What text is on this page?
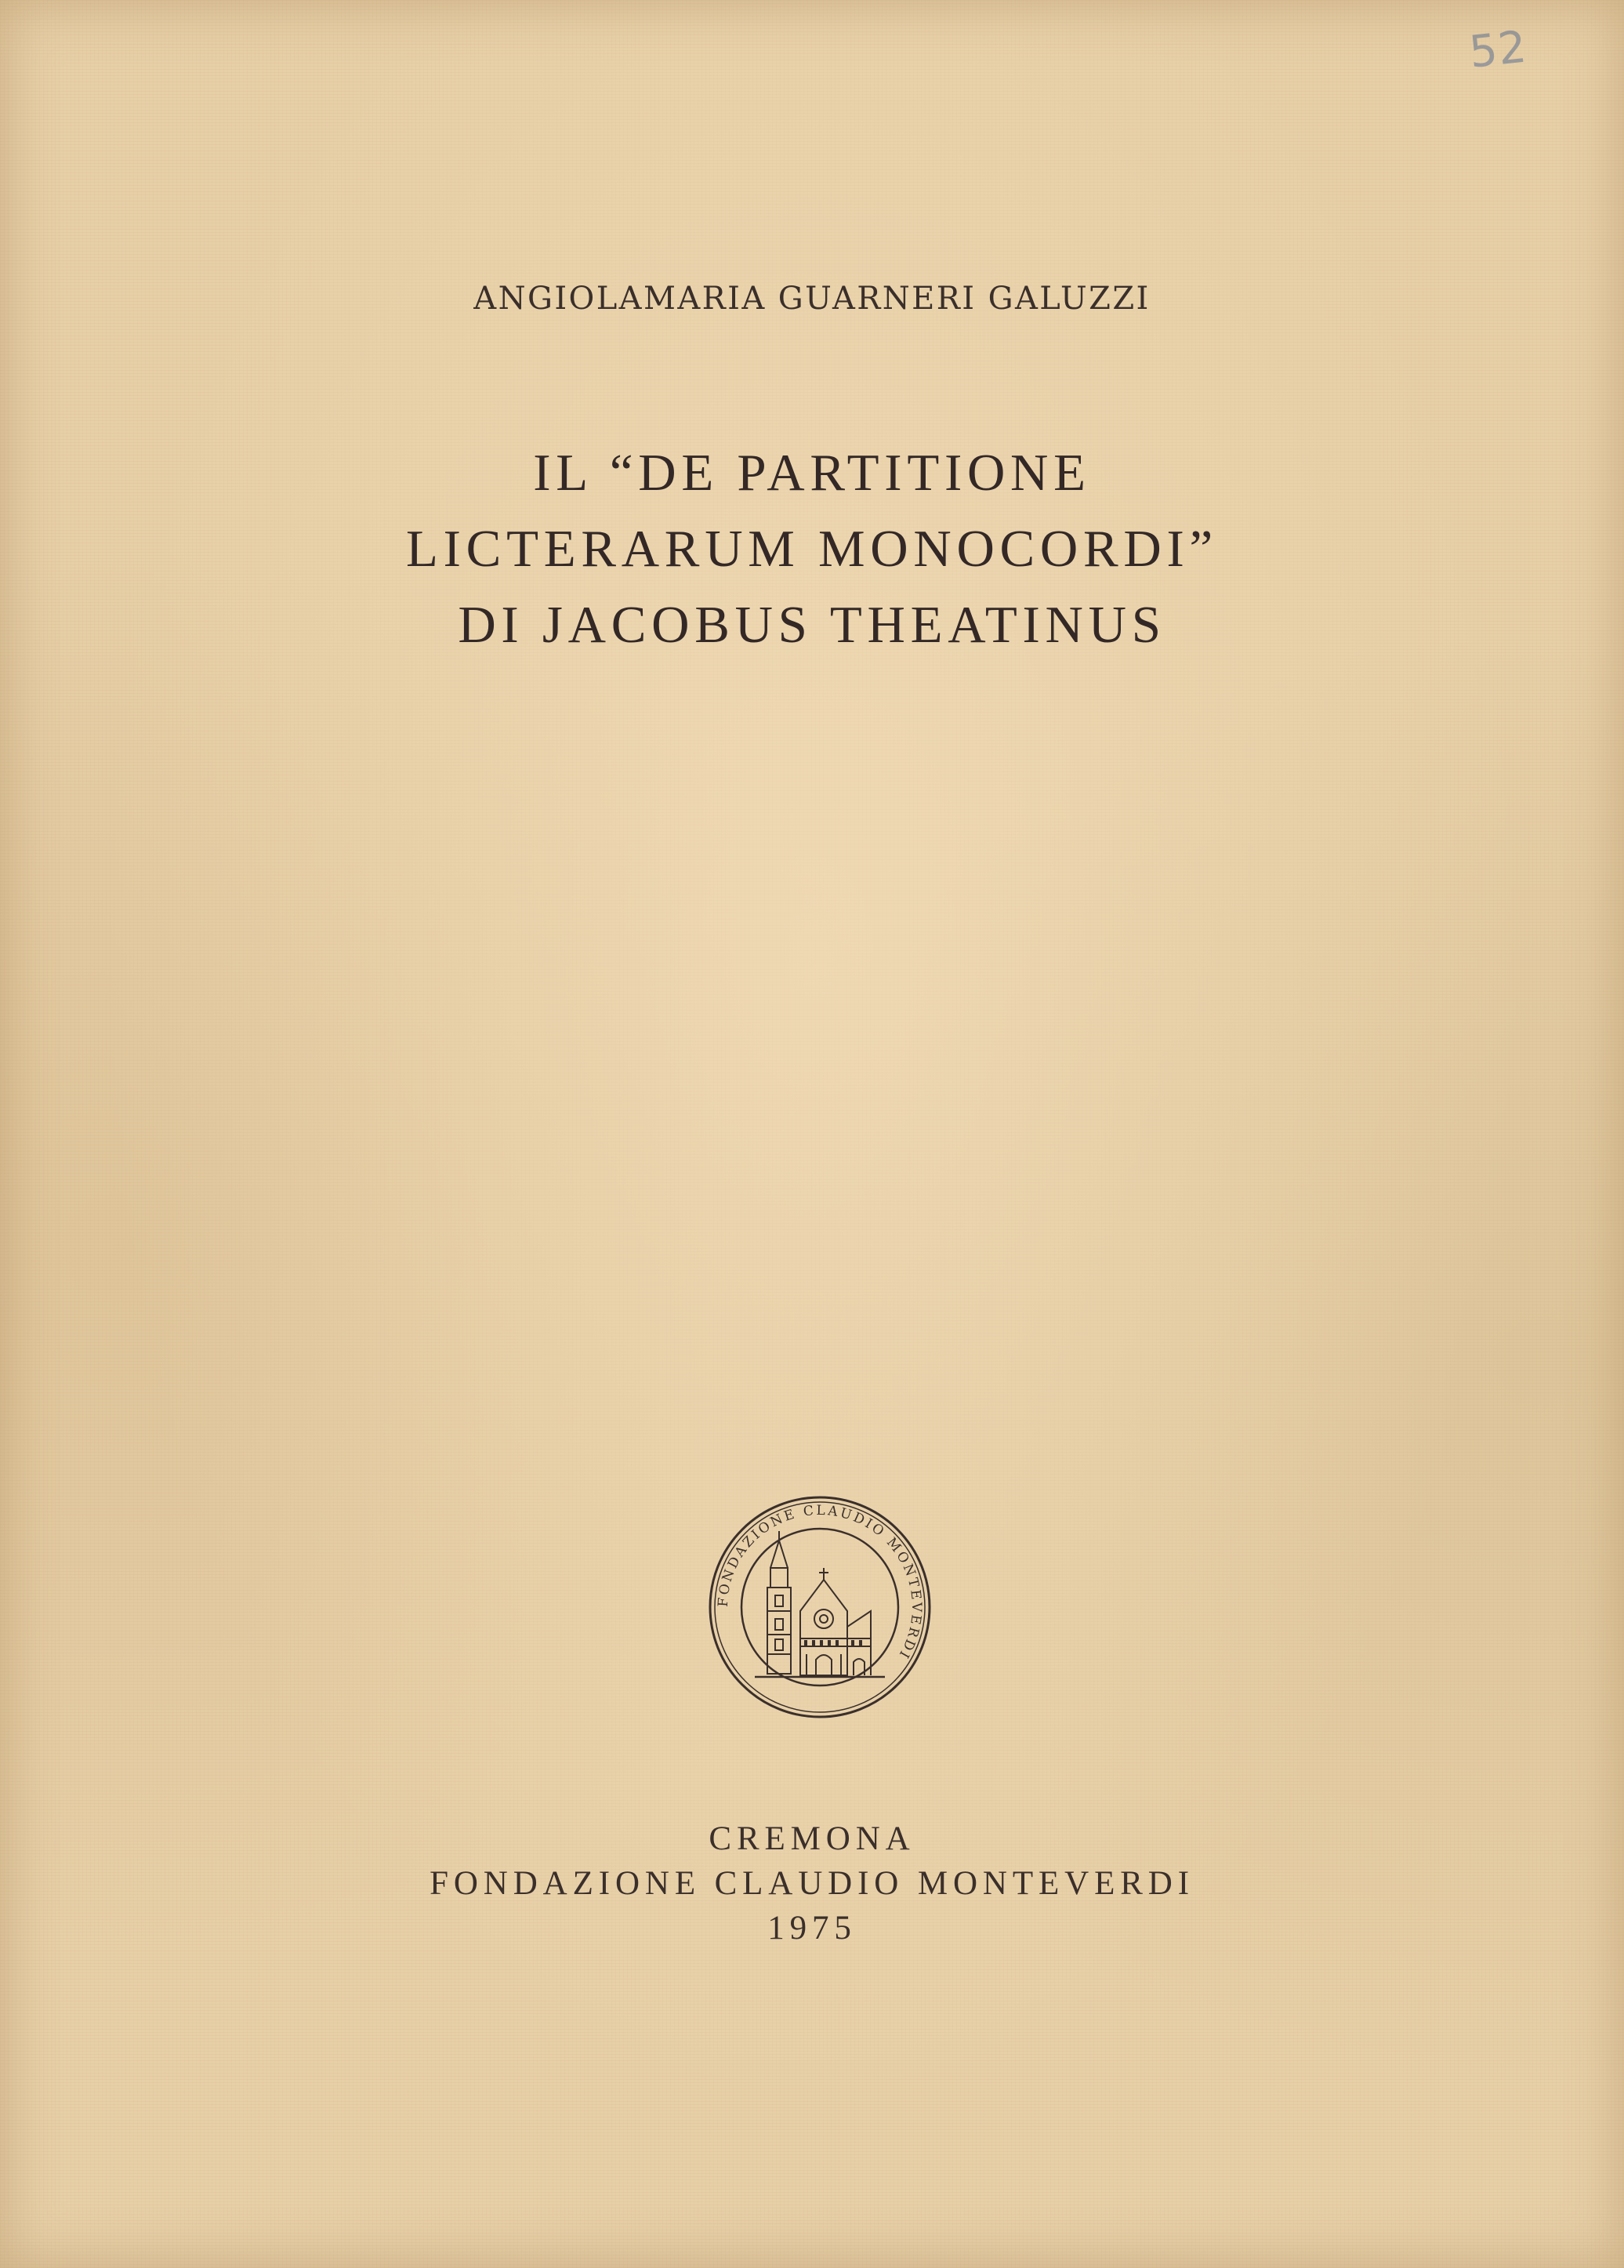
52
ANGIOLAMARIA GUARNERI GALUZZI
IL “DE PARTITIONE
LICTERARUM MONOCORDI”
DI JACOBUS THEATINUS
FONDAZIONE CLAUDIO MONTEVERDI
CREMONA
FONDAZIONE CLAUDIO MONTEVERDI
1975
